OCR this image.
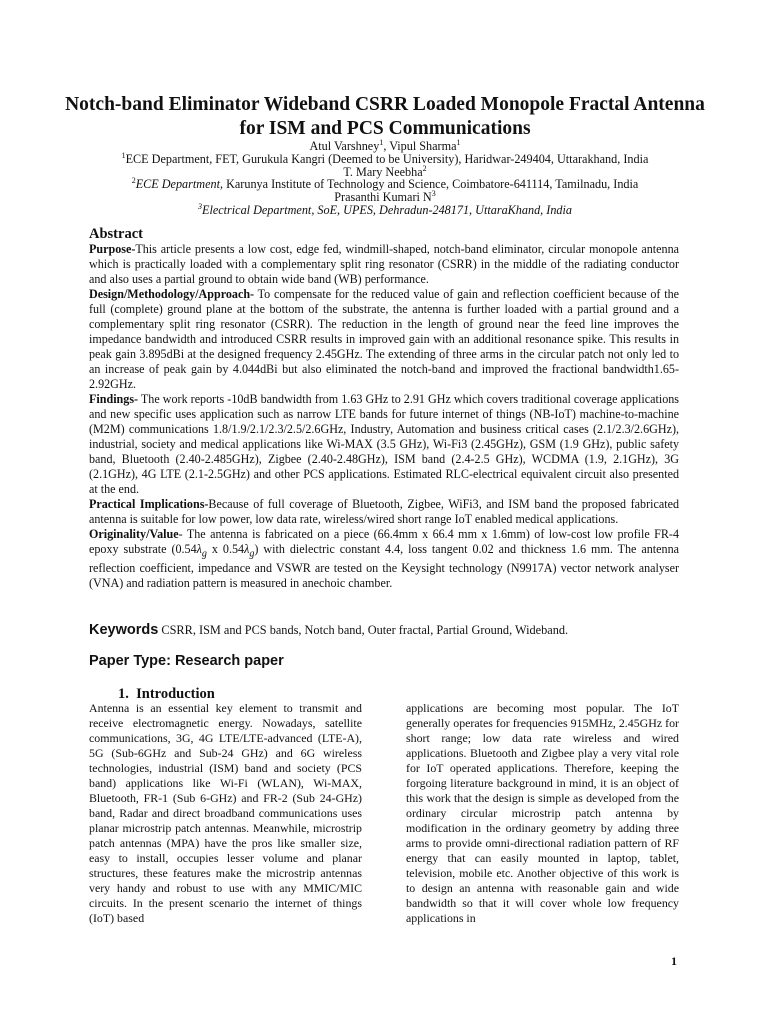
Notch-band Eliminator Wideband CSRR Loaded Monopole Fractal Antenna for ISM and PCS Communications
Atul Varshney$^1$, Vipul Sharma$^1$
$^1$ECE Department, FET, Gurukula Kangri (Deemed to be University), Haridwar-249404, Uttarakhand, India
T. Mary Neebha$^2$
$^2$ECE Department, Karunya Institute of Technology and Science, Coimbatore-641114, Tamilnadu, India
Prasanthi Kumari $N^3$
$^3$Electrical Department, SoE, UPES, Dehradun-248171, UttaraKhand, India
Abstract

Purpose-This article presents a low cost, edge fed, windmill-shaped, notch-band eliminator, circular monopole antenna which is practically loaded with a complementary split ring resonator (CSRR) in the middle of the radiating conductor and also uses a partial ground to obtain wide band (WB) performance.

Design/Methodology/Approach- To compensate for the reduced value of gain and reflection coefficient because of the full (complete) ground plane at the bottom of the substrate, the antenna is further loaded with a partial ground and a complementary split ring resonator (CSRR). The reduction in the length of ground near the feed line improves the impedance bandwidth and introduced CSRR results in improved gain with an additional resonance spike. This results in peak gain 3.895dBi at the designed frequency 2.45GHz. The extending of three arms in the circular patch not only led to an increase of peak gain by 4.044dBi but also eliminated the notch-band and improved the fractional bandwidth1.65-2.92GHz.

Findings- The work reports -10dB bandwidth from 1.63 GHz to 2.91 GHz which covers traditional coverage applications and new specific uses application such as narrow LTE bands for future internet of things (NB-IoT) machine-to-machine (M2M) communications 1.8/1.9/2.1/2.3/2.5/2.6GHz, Industry, Automation and business critical cases (2.1/2.3/2.6GHz), industrial, society and medical applications like Wi-MAX (3.5 GHz), Wi-Fi3 (2.45GHz), GSM (1.9 GHz), public safety band, Bluetooth (2.40-2.485GHz), Zigbee (2.40-2.48GHz), ISM band (2.4-2.5 GHz), WCDMA (1.9, 2.1GHz), 3G (2.1GHz), 4G LTE (2.1-2.5GHz) and other PCS applications. Estimated RLC-electrical equivalent circuit also presented at the end.

Practical Implications-Because of full coverage of Bluetooth, Zigbee, WiFi3, and ISM band the proposed fabricated antenna is suitable for low power, low data rate, wireless/wired short range IoT enabled medical applications.

Originality/Value- The antenna is fabricated on a piece (66.4mm x 66.4 mm x 1.6mm) of low-cost low profile FR-4 epoxy substrate ($0.54\lambda_g$ x $0.54\lambda_g$) with dielectric constant 4.4, loss tangent 0.02 and thickness 1.6 mm. The antenna reflection coefficient, impedance and VSWR are tested on the Keysight technology (N9917A) vector network analyser (VNA) and radiation pattern is measured in anechoic chamber.

Keywords CSRR, ISM and PCS bands, Notch band, Outer fractal, Partial Ground, Wideband.
Paper Type: Research paper
1.  Introduction
Antenna is an essential key element to transmit and receive electromagnetic energy. Nowadays, satellite communications, 3G, 4G LTE/LTE-advanced (LTE-A), 5G (Sub-6GHz and Sub-24 GHz) and 6G wireless technologies, industrial (ISM) band and society (PCS band) applications like Wi-Fi (WLAN), Wi-MAX, Bluetooth, FR-1 (Sub 6-GHz) and FR-2 (Sub 24-GHz) band, Radar and direct broadband communications uses planar microstrip patch antennas. Meanwhile, microstrip patch antennas (MPA) have the pros like smaller size, easy to install, occupies lesser volume and planar structures, these features make the microstrip antennas very handy and robust to use with any MMIC/MIC circuits. In the present scenario the internet of things (IoT) based
applications are becoming most popular. The IoT generally operates for frequencies 915MHz, 2.45GHz for short range; low data rate wireless and wired applications. Bluetooth and Zigbee play a very vital role for IoT operated applications. Therefore, keeping the forgoing literature background in mind, it is an object of this work that the design is simple as developed from the ordinary circular microstrip patch antenna by modification in the ordinary geometry by adding three arms to provide omni-directional radiation pattern of RF energy that can easily mounted in laptop, tablet, television, mobile etc. Another objective of this work is to design an antenna with reasonable gain and wide bandwidth so that it will cover whole low frequency applications in
1
